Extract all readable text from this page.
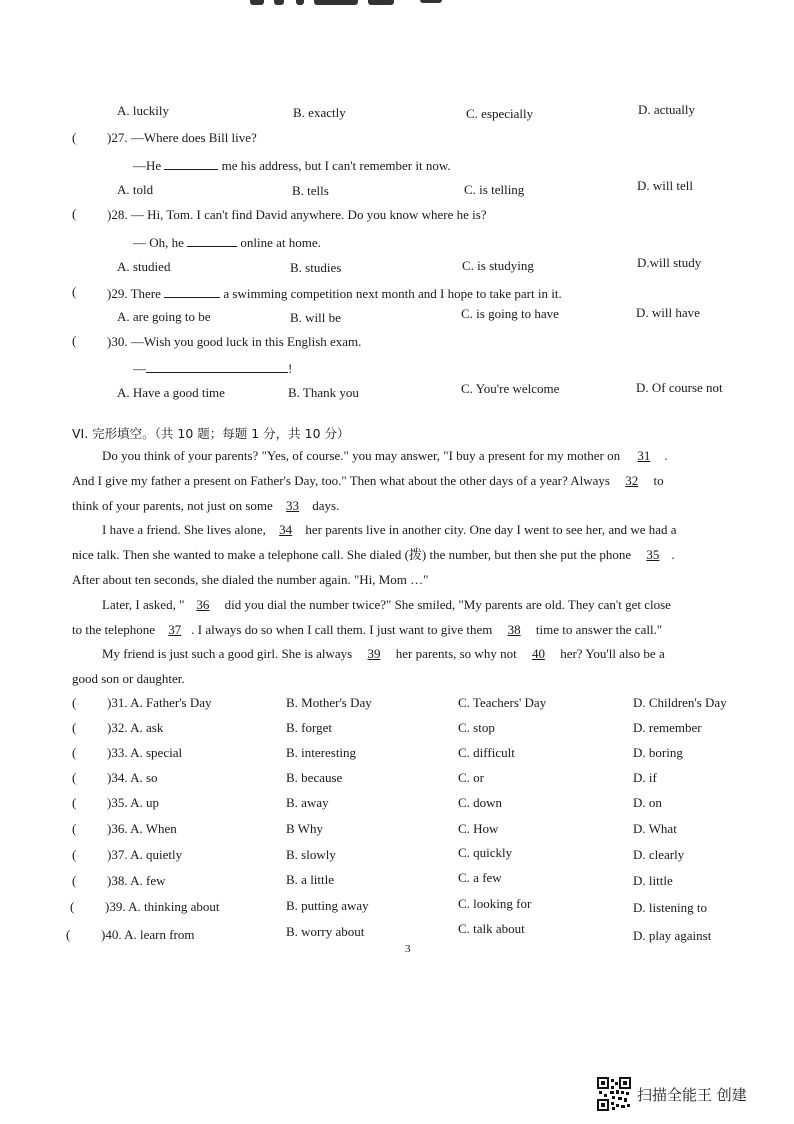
A. luckily	B. exactly	C. especially	D. actually
( )27. —Where does Bill live?
—He	me his address, but I can't remember it now.
A. told	B. tells	C. is telling	D. will tell
( )28. — Hi, Tom. I can't find David anywhere. Do you know where he is?
— Oh, he	online at home.
A. studied	B. studies	C. is studying	D.will study
( )29. There	a swimming competition next month and I hope to take part in it.
A. are going to be	B. will be	C. is going to have	D. will have
( )30. —Wish you good luck in this English exam.
—	!
A. Have a good time	B. Thank you	C. You're welcome	D. Of course not
VI. 完形填空。（共 10 题；每题 1 分，共 10 分）
Do you think of your parents? "Yes, of course." you may answer, "I buy a present for my mother on 31 .
And I give my father a present on Father's Day, too." Then what about the other days of a year? Always 32 to
think of your parents, not just on some 33 days.
I have a friend. She lives alone, 34 her parents live in another city. One day I went to see her, and we had a
nice talk. Then she wanted to make a telephone call. She dialed (拨) the number, but then she put the phone 35 .
After about ten seconds, she dialed the number again. "Hi, Mom …"
Later, I asked, " 36 did you dial the number twice?" She smiled, "My parents are old. They can't get close
to the telephone 37 . I always do so when I call them. I just want to give them 38 time to answer the call."
My friend is just such a good girl. She is always 39 her parents, so why not 40 her? You'll also be a
good son or daughter.
( )31. A. Father's Day	B. Mother's Day	C. Teachers' Day	D. Children's Day
( )32. A. ask	B. forget	C. stop	D. remember
( )33. A. special	B. interesting	C. difficult	D. boring
( )34. A. so	B. because	C. or	D. if
( )35. A. up	B. away	C. down	D. on
( )36. A. When	B Why	C. How	D. What
( )37. A. quietly	B. slowly	C. quickly	D. clearly
( )38. A. few	B. a little	C. a few	D. little
( )39. A. thinking about	B. putting away	C. looking for	D. listening to
( )40. A. learn from	B. worry about	C. talk about	D. play against
3
扫描全能王 创建
